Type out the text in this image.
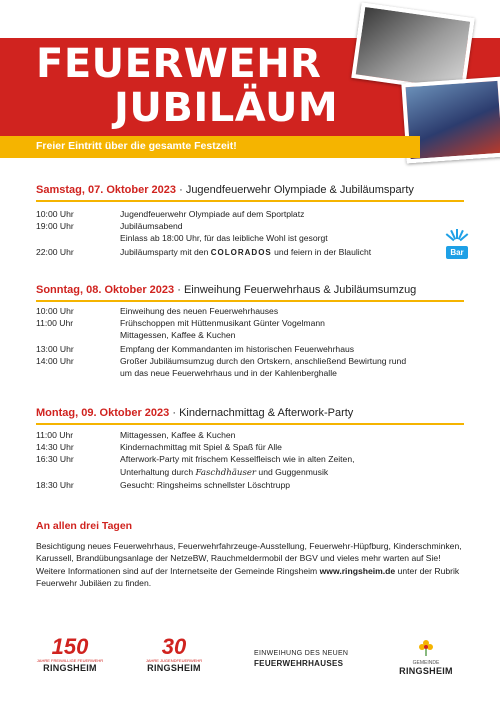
FEUERWEHR
JUBILÄUM
Freier Eintritt über die gesamte Festzeit!
Samstag, 07. Oktober 2023 · Jugendfeuerwehr Olympiade & Jubiläumsparty
10:00 Uhr	Jugendfeuerwehr Olympiade auf dem Sportplatz
19:00 Uhr	Jubiläumsabend
Einlass ab 18:00 Uhr, für das leibliche Wohl ist gesorgt
22:00 Uhr	Jubiläumsparty mit den COLORADOS und feiern in der Blaulicht	Bar
Sonntag, 08. Oktober 2023 · Einweihung Feuerwehrhaus & Jubiläumsumzug
10:00 Uhr	Einweihung des neuen Feuerwehrhauses
11:00 Uhr	Frühschoppen mit Hüttenmusikant Günter Vogelmann
Mittagessen, Kaffee & Kuchen
13:00 Uhr	Empfang der Kommandanten im historischen Feuerwehrhaus
14:00 Uhr	Großer Jubiläumsumzug durch den Ortskern, anschließend Bewirtung rund
um das neue Feuerwehrhaus und in der Kahlenberghalle
Montag, 09. Oktober 2023 · Kindernachmittag & Afterwork-Party
11:00 Uhr	Mittagessen, Kaffee & Kuchen
14:30 Uhr	Kindernachmittag mit Spiel & Spaß für Alle
16:30 Uhr	Afterwork-Party mit frischem Kesselfleisch wie in alten Zeiten,
Unterhaltung durch Faschdhäuser und Guggenmusik
18:30 Uhr	Gesucht: Ringsheims schnellster Löschtrupp
An allen drei Tagen
Besichtigung neues Feuerwehrhaus, Feuerwehrfahrzeuge-Ausstellung, Feuerwehr-Hüpfburg, Kinderschminken, Karussell, Brandübungsanlage der NetzeBW, Rauchmeldermobil der BGV und vieles mehr warten auf Sie! Weitere Informationen sind auf der Internetseite der Gemeinde Ringsheim www.ringsheim.de unter der Rubrik Feuerwehr Jubiläen zu finden.
150
JAHRE FREIWILLIGE FEUERWEHR
RINGSHEIM
30
JAHRE JUGENDFEUERWEHR
RINGSHEIM
EINWEIHUNG DES NEUEN
FEUERWEHRHAUSES	GEMEINDE
RINGSHEIM
